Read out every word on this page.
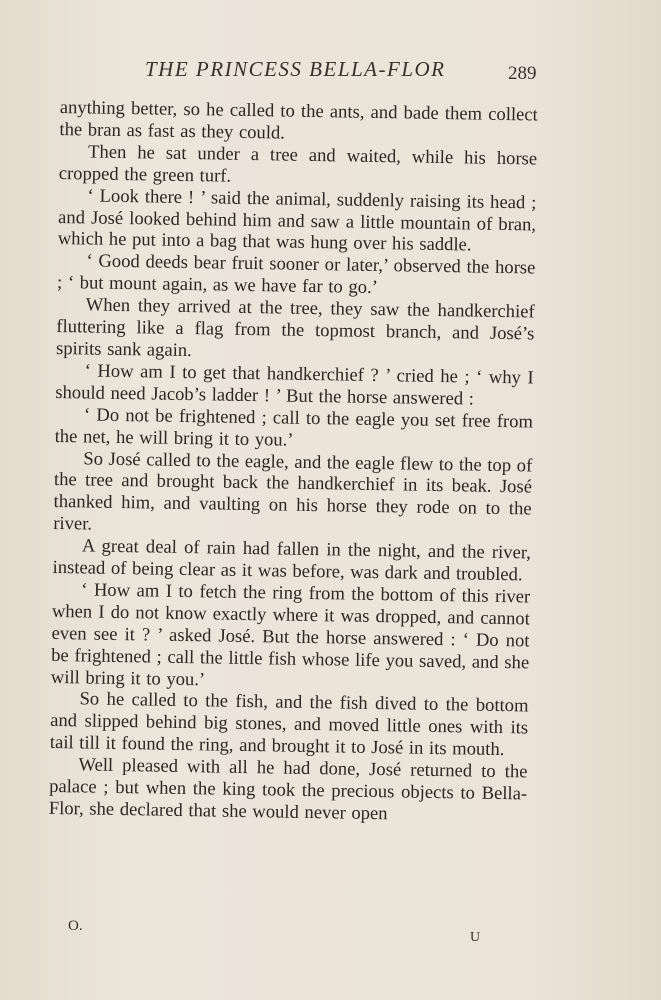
THE PRINCESS BELLA-FLOR	289

anything better, so he called to the ants, and bade them collect the bran as fast as they could.

Then he sat under a tree and waited, while his horse cropped the green turf.

‘ Look there ! ’ said the animal, suddenly raising its head ; and José looked behind him and saw a little mountain of bran, which he put into a bag that was hung over his saddle.

‘ Good deeds bear fruit sooner or later,’ observed the horse ; ‘ but mount again, as we have far to go.’

When they arrived at the tree, they saw the handkerchief fluttering like a flag from the topmost branch, and José’s spirits sank again.

‘ How am I to get that handkerchief ? ’ cried he ; ‘ why I should need Jacob’s ladder ! ’ But the horse answered :

‘ Do not be frightened ; call to the eagle you set free from the net, he will bring it to you.’

So José called to the eagle, and the eagle flew to the top of the tree and brought back the handkerchief in its beak. José thanked him, and vaulting on his horse they rode on to the river.

A great deal of rain had fallen in the night, and the river, instead of being clear as it was before, was dark and troubled.

‘ How am I to fetch the ring from the bottom of this river when I do not know exactly where it was dropped, and cannot even see it ? ’ asked José. But the horse answered : ‘ Do not be frightened ; call the little fish whose life you saved, and she will bring it to you.’

So he called to the fish, and the fish dived to the bottom and slipped behind big stones, and moved little ones with its tail till it found the ring, and brought it to José in its mouth.

Well pleased with all he had done, José returned to the palace ; but when the king took the precious objects to Bella-Flor, she declared that she would never open

O.
U
